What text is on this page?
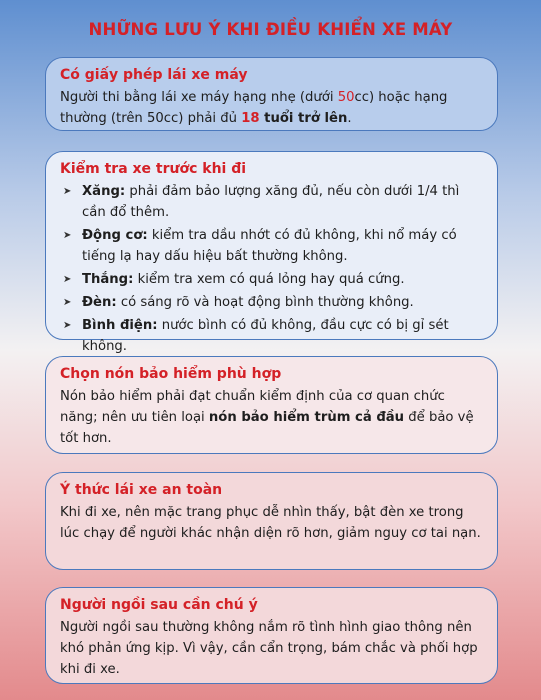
NHỮNG LƯU Ý KHI ĐIỀU KHIỂN XE MÁY
Có giấy phép lái xe máy
Người thi bằng lái xe máy hạng nhẹ (dưới 50cc) hoặc hạng thường (trên 50cc) phải đủ 18 tuổi trở lên.
Kiểm tra xe trước khi đi
➤ Xăng: phải đảm bảo lượng xăng đủ, nếu còn dưới 1/4 thì cần đổ thêm.
➤ Động cơ: kiểm tra dầu nhớt có đủ không, khi nổ máy có tiếng lạ hay dấu hiệu bất thường không.
➤ Thắng: kiểm tra xem có quá lỏng hay quá cứng.
➤ Đèn: có sáng rõ và hoạt động bình thường không.
➤ Bình điện: nước bình có đủ không, đầu cực có bị gỉ sét không.
Chọn nón bảo hiểm phù hợp
Nón bảo hiểm phải đạt chuẩn kiểm định của cơ quan chức năng; nên ưu tiên loại nón bảo hiểm trùm cả đầu để bảo vệ tốt hơn.
Ý thức lái xe an toàn
Khi đi xe, nên mặc trang phục dễ nhìn thấy, bật đèn xe trong lúc chạy để người khác nhận diện rõ hơn, giảm nguy cơ tai nạn.
Người ngồi sau cần chú ý
Người ngồi sau thường không nắm rõ tình hình giao thông nên khó phản ứng kịp. Vì vậy, cần cẩn trọng, bám chắc và phối hợp khi đi xe.
